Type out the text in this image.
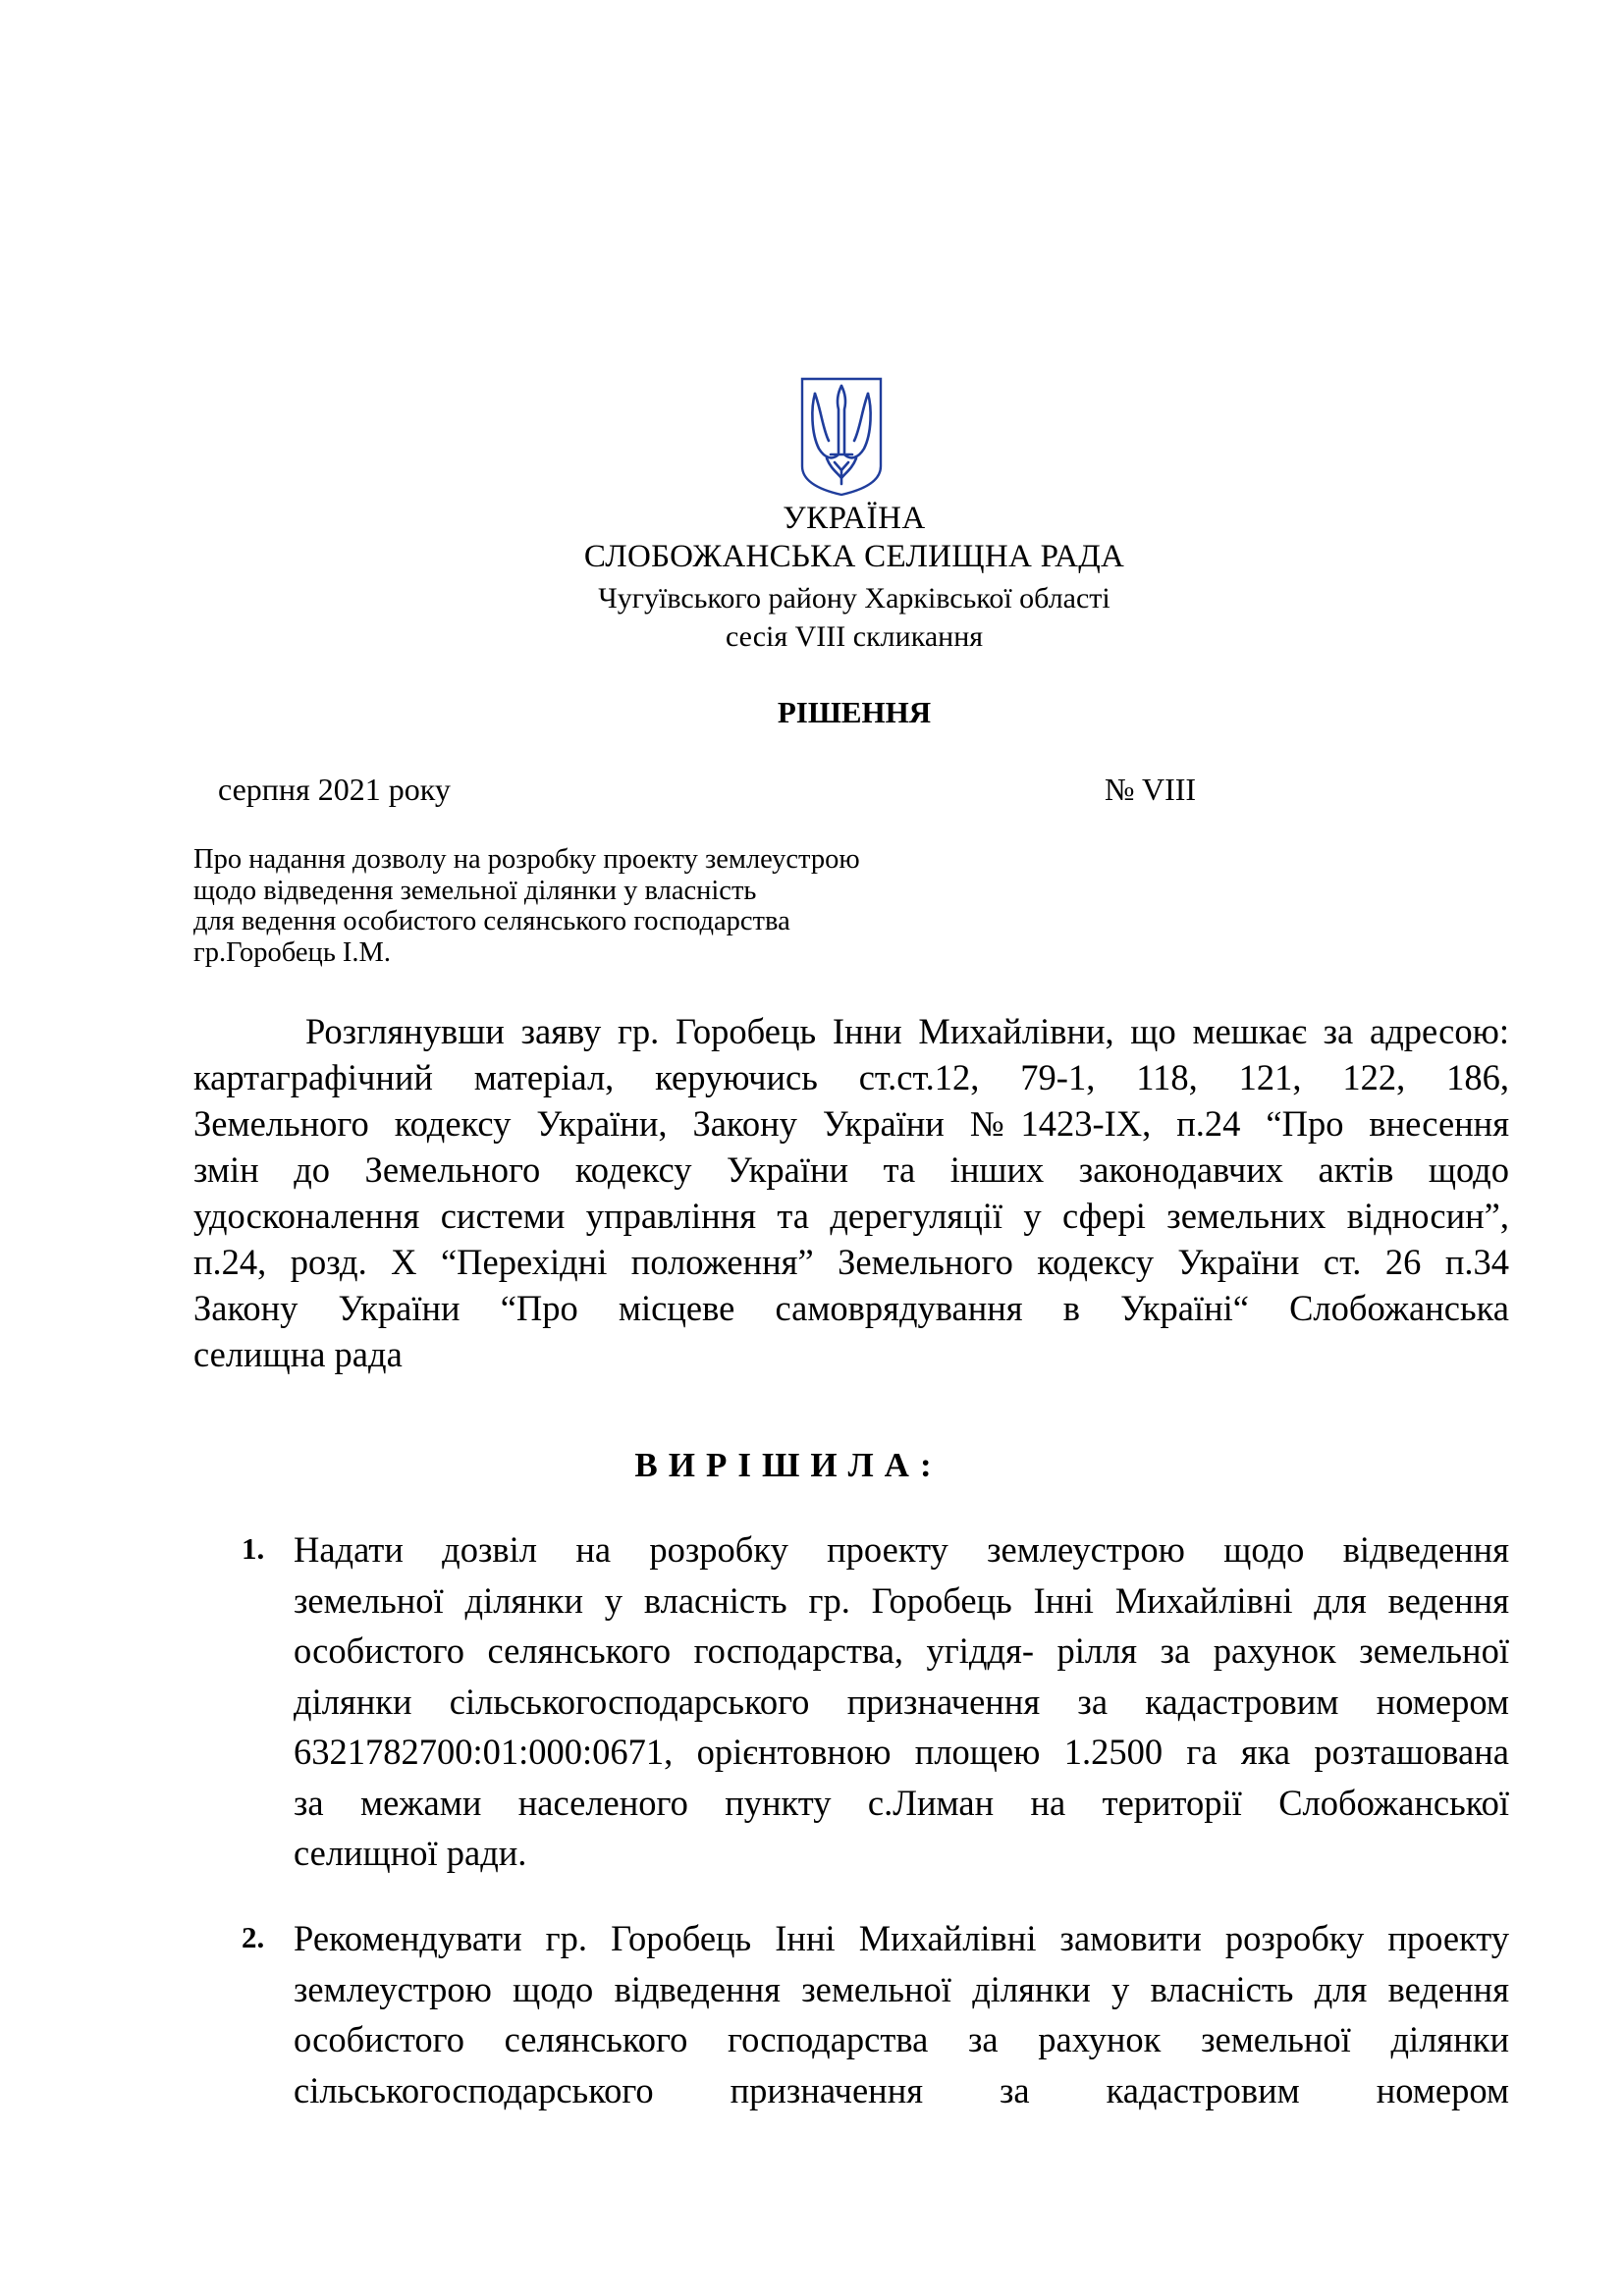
УКРАЇНА
СЛОБОЖАНСЬКА СЕЛИЩНА РАДА
Чугуївського району Харківської області
сесія VIII скликання
РІШЕННЯ
серпня 2021 року	№ VIII
Про надання дозволу на розробку проекту землеустрою
щодо відведення земельної ділянки у власність
для ведення особистого селянського господарства
гр.Горобець І.М.
Розглянувши заяву гр. Горобець Інни Михайлівни, що мешкає за адресою:
картаграфічний матеріал, керуючись ст.ст.12, 79-1, 118, 121, 122, 186,
Земельного кодексу України, Закону України №1423-IX, п.24 “Про внесення
змін до Земельного кодексу України та інших законодавчих актів щодо
удосконалення системи управління та дерегуляції у сфері земельних відносин”,
п.24, розд. X “Перехідні положення” Земельного кодексу України ст. 26 п.34
Закону України “Про місцеве самоврядування в Україні“ Слобожанська
селищна рада
ВИРІШИЛА:
1. Надати дозвіл на розробку проекту землеустрою щодо відведення
земельної ділянки у власність гр. Горобець Інні Михайлівні для ведення
особистого селянського господарства, угіддя- рілля за рахунок земельної
ділянки сільськогосподарського призначення за кадастровим номером
6321782700:01:000:0671, орієнтовною площею 1.2500 га яка розташована
за межами населеного пункту с.Лиман на території Слобожанської
селищної ради.
2. Рекомендувати гр. Горобець Інні Михайлівні замовити розробку проекту
землеустрою щодо відведення земельної ділянки у власність для ведення
особистого селянського господарства за рахунок земельної ділянки
сільськогосподарського призначення за кадастровим номером
